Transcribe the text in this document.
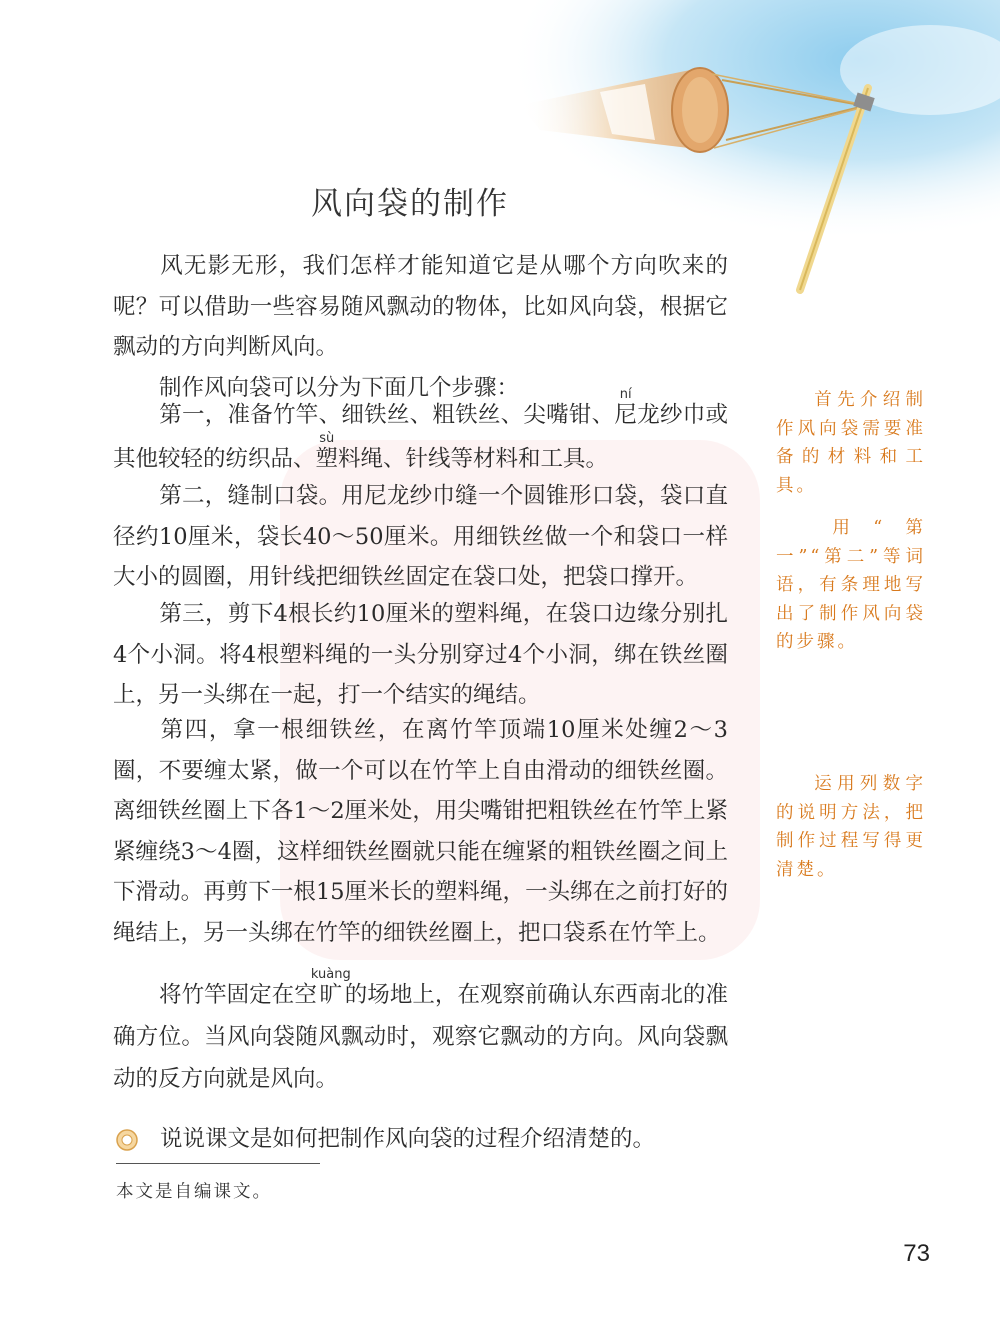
风向袋的制作

风无影无形，我们怎样才能知道它是从哪个方向吹来的呢？可以借助一些容易随风飘动的物体，比如风向袋，根据它飘动的方向判断风向。

制作风向袋可以分为下面几个步骤：

第一，准备竹竿、细铁丝、粗铁丝、尖嘴钳、尼ní龙纱巾或其他较轻的纺织品、塑sù料绳、针线等材料和工具。

第二，缝制口袋。用尼龙纱巾缝一个圆锥形口袋，袋口直径约10厘米，袋长40～50厘米。用细铁丝做一个和袋口一样大小的圆圈，用针线把细铁丝固定在袋口处，把袋口撑开。

第三，剪下4根长约10厘米的塑料绳，在袋口边缘分别扎4个小洞。将4根塑料绳的一头分别穿过4个小洞，绑在铁丝圈上，另一头绑在一起，打一个结实的绳结。

第四，拿一根细铁丝，在离竹竿顶端10厘米处缠2～3圈，不要缠太紧，做一个可以在竹竿上自由滑动的细铁丝圈。离细铁丝圈上下各1～2厘米处，用尖嘴钳把粗铁丝在竹竿上紧紧缠绕3～4圈，这样细铁丝圈就只能在缠紧的粗铁丝圈之间上下滑动。再剪下一根15厘米长的塑料绳，一头绑在之前打好的绳结上，另一头绑在竹竿的细铁丝圈上，把口袋系在竹竿上。

将竹竿固定在空旷kuàng的场地上，在观察前确认东西南北的准确方位。当风向袋随风飘动时，观察它飘动的方向。风向袋飘动的反方向就是风向。

首先介绍制作风向袋需要准备的材料和工具。

用“第一”“第二”等词语，有条理地写出了制作风向袋的步骤。

运用列数字的说明方法，把制作过程写得更清楚。

说说课文是如何把制作风向袋的过程介绍清楚的。
本文是自编课文。
73
